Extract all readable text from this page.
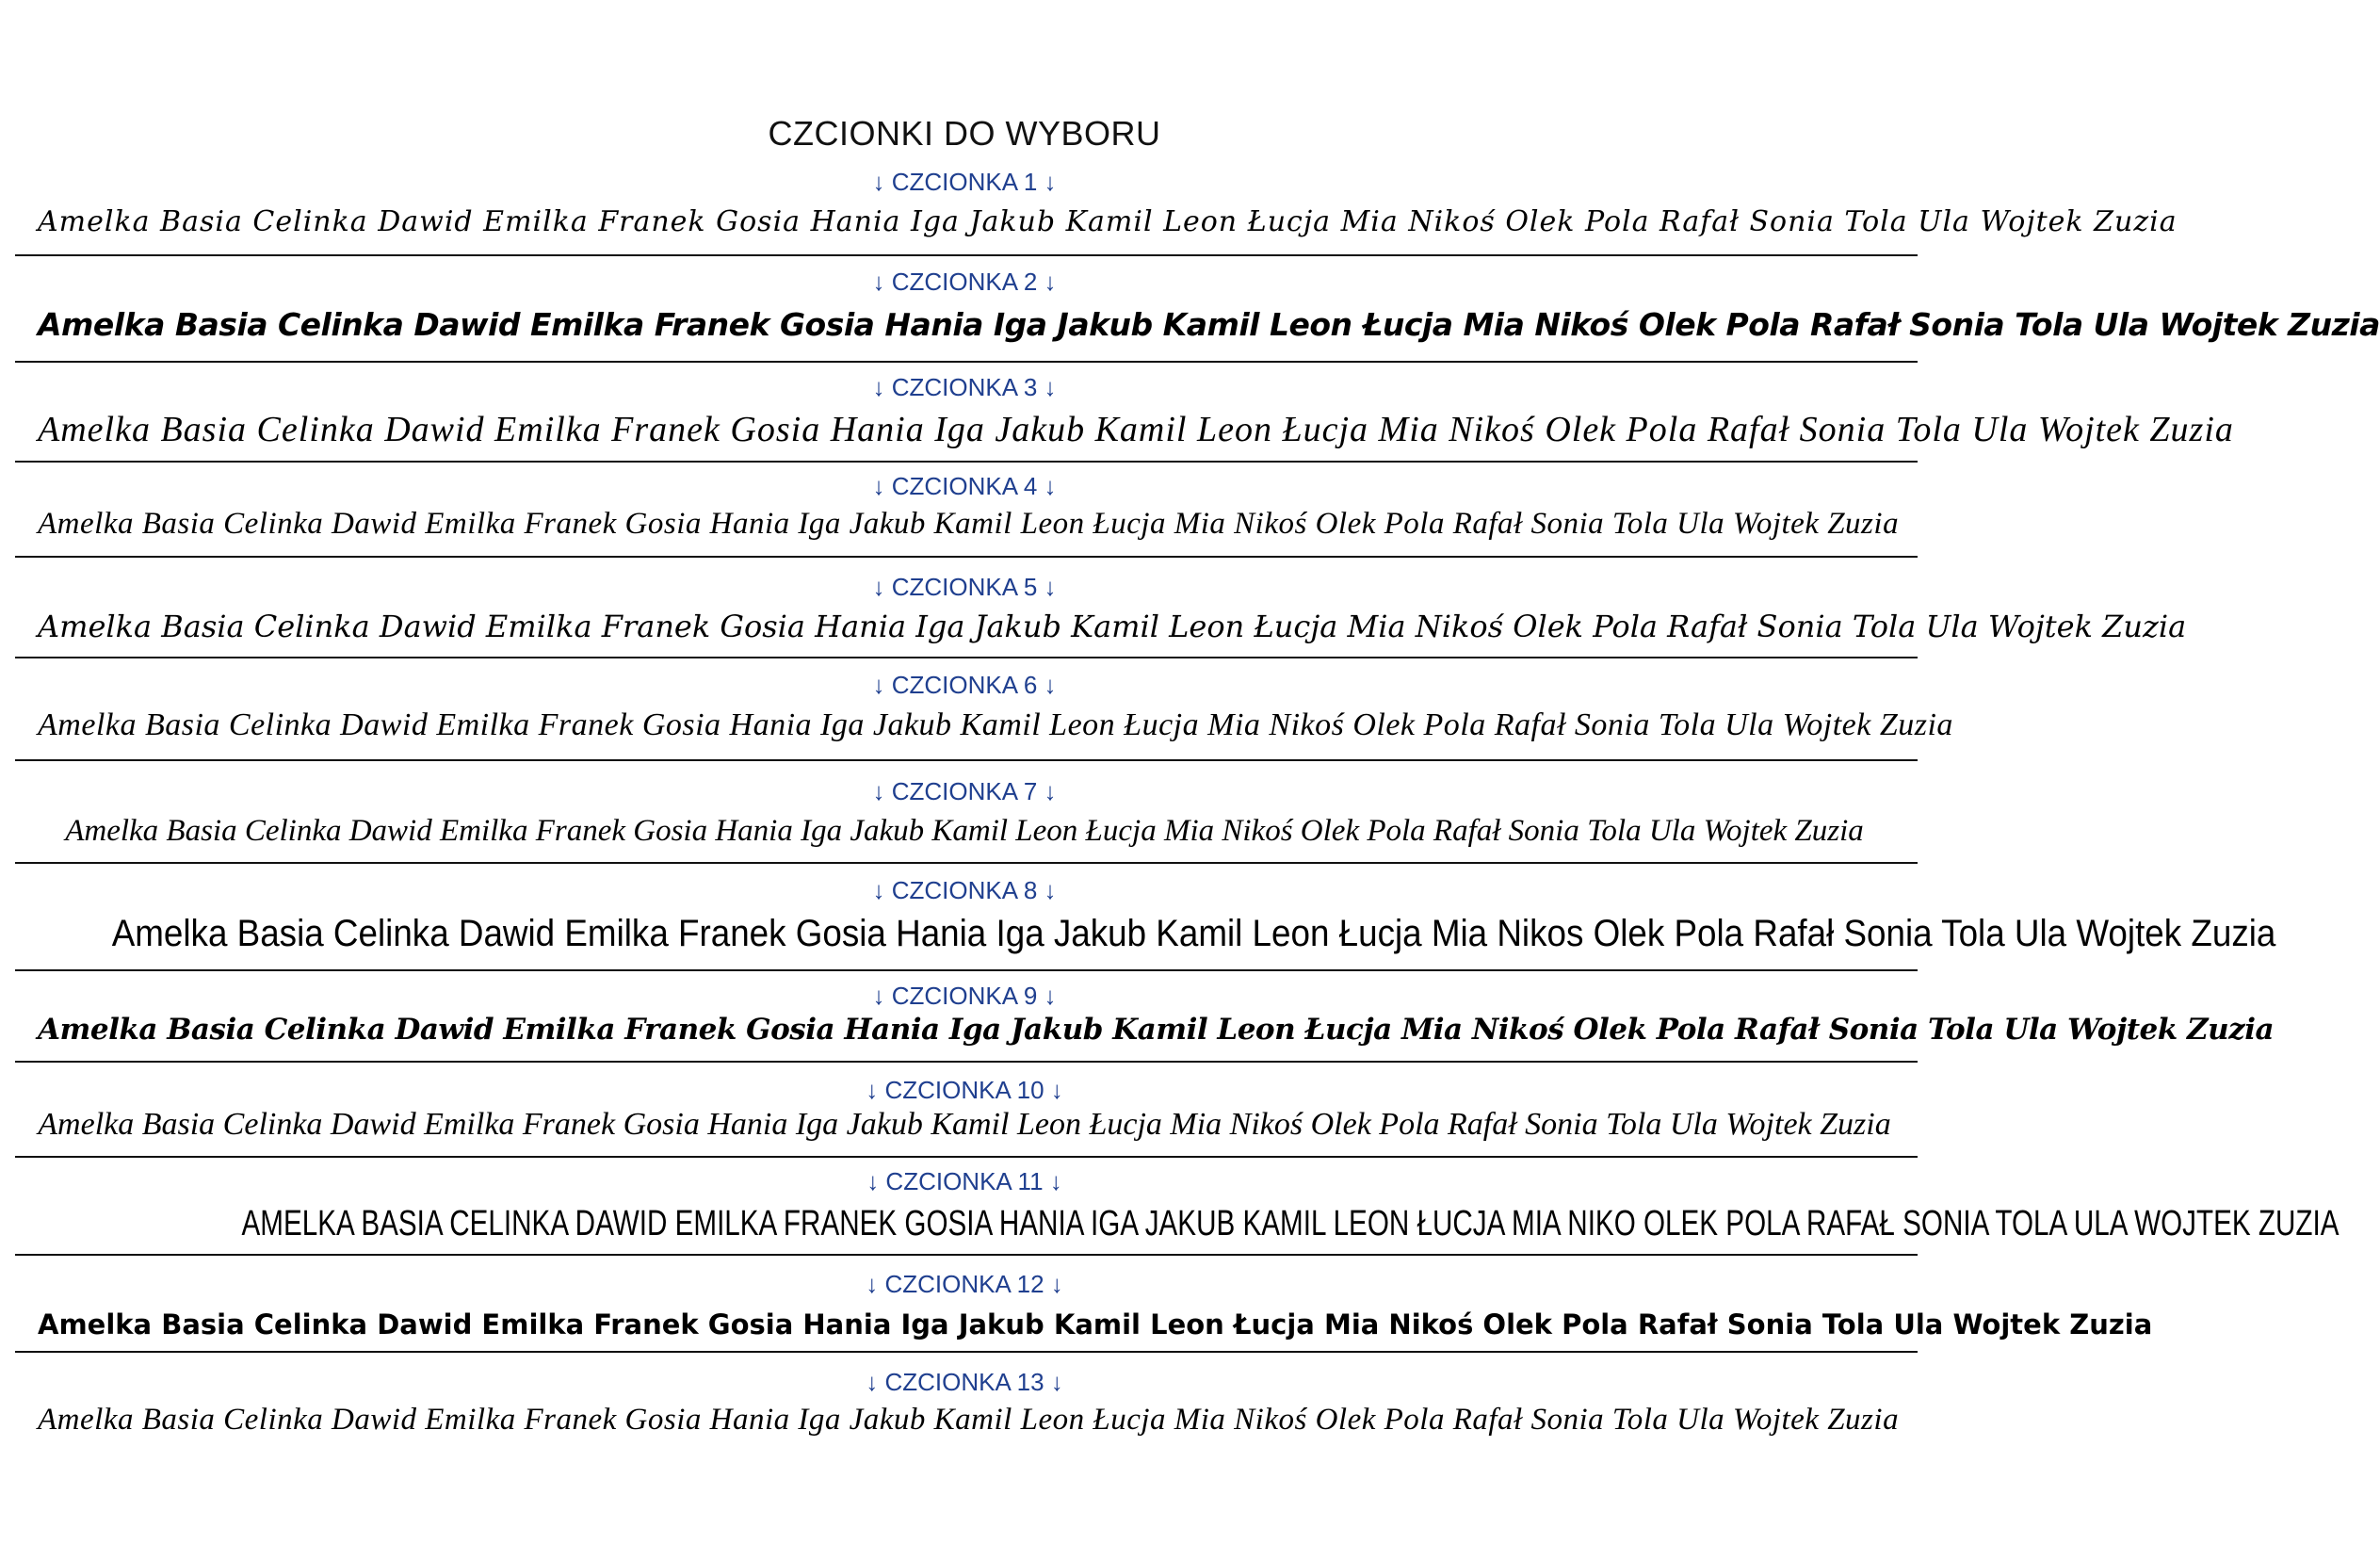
CZCIONKI DO WYBORU
↓ CZCIONKA 1 ↓
Amelka Basia Celinka Dawid Emilka Franek Gosia Hania Iga Jakub Kamil Leon Łucja Mia Nikoś Olek Pola Rafał Sonia Tola Ula Wojtek Zuzia
↓ CZCIONKA 2 ↓
Amelka Basia Celinka Dawid Emilka Franek Gosia Hania Iga Jakub Kamil Leon Łucja Mia Nikoś Olek Pola Rafał Sonia Tola Ula Wojtek Zuzia
↓ CZCIONKA 3 ↓
Amelka Basia Celinka Dawid Emilka Franek Gosia Hania Iga Jakub Kamil Leon Łucja Mia Nikoś Olek Pola Rafał Sonia Tola Ula Wojtek Zuzia
↓ CZCIONKA 4 ↓
Amelka Basia Celinka Dawid Emilka Franek Gosia Hania Iga Jakub Kamil Leon Łucja Mia Nikoś Olek Pola Rafał Sonia Tola Ula Wojtek Zuzia
↓ CZCIONKA 5 ↓
Amelka Basia Celinka Dawid Emilka Franek Gosia Hania Iga Jakub Kamil Leon Łucja Mia Nikoś Olek Pola Rafał Sonia Tola Ula Wojtek Zuzia
↓ CZCIONKA 6 ↓
Amelka Basia Celinka Dawid Emilka Franek Gosia Hania Iga Jakub Kamil Leon Łucja Mia Nikoś Olek Pola Rafał Sonia Tola Ula Wojtek Zuzia
↓ CZCIONKA 7 ↓
Amelka Basia Celinka Dawid Emilka Franek Gosia Hania Iga Jakub Kamil Leon Łucja Mia Nikoś Olek Pola Rafał Sonia Tola Ula Wojtek Zuzia
↓ CZCIONKA 8 ↓
Amelka Basia Celinka Dawid Emilka Franek Gosia Hania Iga Jakub Kamil Leon Łucja Mia Nikos Olek Pola Rafał Sonia Tola Ula Wojtek Zuzia
↓ CZCIONKA 9 ↓
Amelka Basia Celinka Dawid Emilka Franek Gosia Hania Iga Jakub Kamil Leon Łucja Mia Nikoś Olek Pola Rafał Sonia Tola Ula Wojtek Zuzia
↓ CZCIONKA 10 ↓
Amelka Basia Celinka Dawid Emilka Franek Gosia Hania Iga Jakub Kamil Leon Łucja Mia Nikoś Olek Pola Rafał Sonia Tola Ula Wojtek Zuzia
↓ CZCIONKA 11 ↓
AMELKA BASIA CELINKA DAWID EMILKA FRANEK GOSIA HANIA IGA JAKUB KAMIL LEON ŁUCJA MIA NIKO OLEK POLA RAFAŁ SONIA TOLA ULA WOJTEK ZUZIA
↓ CZCIONKA 12 ↓
Amelka Basia Celinka Dawid Emilka Franek Gosia Hania Iga Jakub Kamil Leon Łucja Mia Nikoś Olek Pola Rafał Sonia Tola Ula Wojtek Zuzia
↓ CZCIONKA 13 ↓
Amelka Basia Celinka Dawid Emilka Franek Gosia Hania Iga Jakub Kamil Leon Łucja Mia Nikoś Olek Pola Rafał Sonia Tola Ula Wojtek Zuzia
